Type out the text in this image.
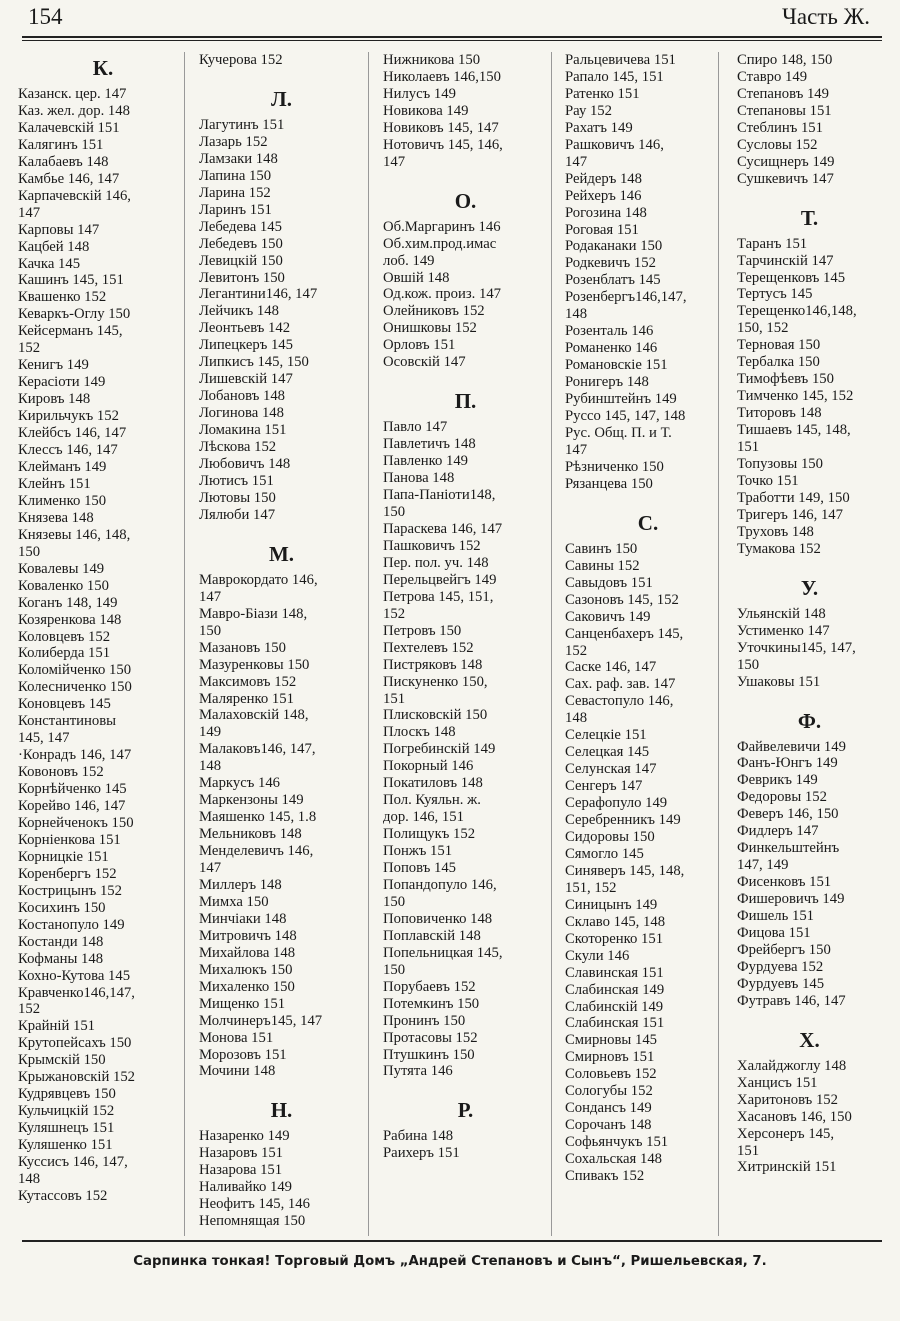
154	Часть Ж.
К.
Казанск. цер. 147
Каз. жел. дор. 148
Калачевскій 151
Калягинъ 151
Калабаевъ 148
Камбье 146, 147
Карпачевскій 146,
147
Карповы 147
Кацбей 148
Качка 145
Кашинъ 145, 151
Квашенко 152
Кеваркъ-Оглу 150
Кейсерманъ 145,
152
Кенигъ 149
Керасіоти 149
Кировъ 148
Кирильчукъ 152
Клейбсъ 146, 147
Клессъ 146, 147
Клейманъ 149
Клейнъ 151
Клименко 150
Князева 148
Князевы 146, 148,
150
Ковалевы 149
Коваленко 150
Коганъ 148, 149
Козяренкова 148
Коловцевъ 152
Колиберда 151
Коломійченко 150
Колесниченко 150
Коновцевъ 145
Константиновы
145, 147
·Конрадъ 146, 147
Ковоновъ 152
Корнѣйченко 145
Корейво 146, 147
Корнейченокъ 150
Корніенкова 151
Корницкіе 151
Коренбергъ 152
Кострицынъ 152
Косихинъ 150
Костанопуло 149
Костанди 148
Кофманы 148
Кохно-Кутова 145
Кравченко146,147,
152
Крайній 151
Крутопейсахъ 150
Крымскій 150
Крыжановскій 152
Кудрявцевъ 150
Кульчицкій 152
Куляшнецъ 151
Куляшенко 151
Куссисъ 146, 147,
148
Кутассовъ 152
Кучерова 152
Л.
Лагутинъ 151
Лазарь 152
Ламзаки 148
Лапина 150
Ларина 152
Ларинъ 151
Лебедева 145
Лебедевъ 150
Левицкій 150
Левитонъ 150
Легантини146, 147
Лейчикъ 148
Леонтьевъ 142
Липецкеръ 145
Липкисъ 145, 150
Лишевскій 147
Лобановъ 148
Логинова 148
Ломакина 151
Лѣскова 152
Любовичъ 148
Лютисъ 151
Лютовы 150
Лялюби 147
М.
Маврокордато 146,
147
Мавро-Біази 148,
150
Мазановъ 150
Мазуренковы 150
Максимовъ 152
Маляренко 151
Малаховскій 148,
149
Малаковъ146, 147,
148
Маркусъ 146
Маркензоны 149
Маяшенко 145, 1.8
Мельниковъ 148
Менделевичъ 146,
147
Миллеръ 148
Мимха 150
Минчіаки 148
Митровичъ 148
Михайлова 148
Михалюкъ 150
Михаленко 150
Мищенко 151
Молчинеръ145, 147
Монова 151
Морозовъ 151
Мочини 148
Н.
Назаренко 149
Назаровъ 151
Назарова 151
Наливайко 149
Неофитъ 145, 146
Непомнящая 150
Нижникова 150
Николаевъ 146,150
Нилусъ 149
Новикова 149
Новиковъ 145, 147
Нотовичъ 145, 146,
147
О.
Об.Маргаринъ 146
Об.хим.прод.имас
лоб. 149
Овшій 148
Од.кож. произ. 147
Олейниковъ 152
Онишковы 152
Орловъ 151
Осовскій 147
П.
Павло 147
Павлетичъ 148
Павленко 149
Панова 148
Папа-Паніоти148,
150
Параскева 146, 147
Пашковичъ 152
Пер. пол. уч. 148
Перельцвейгъ 149
Петрова 145, 151,
152
Петровъ 150
Пехтелевъ 152
Пистряковъ 148
Пискуненко 150,
151
Плисковскій 150
Плоскъ 148
Погребинскій 149
Покорный 146
Покатиловъ 148
Пол. Куяльн. ж.
дор. 146, 151
Полищукъ 152
Понжъ 151
Поповъ 145
Попандопуло 146,
150
Поповиченко 148
Поплавскій 148
Попельницкая 145,
150
Порубаевъ 152
Потемкинъ 150
Пронинъ 150
Протасовы 152
Птушкинъ 150
Путята 146
Р.
Рабина 148
Раихеръ 151
Ральцевичева 151
Рапало 145, 151
Ратенко 151
Рау 152
Рахатъ 149
Рашковичъ 146,
147
Рейдеръ 148
Рейхеръ 146
Рогозина 148
Роговая 151
Родаканаки 150
Родкевичъ 152
Розенблатъ 145
Розенбергъ146,147,
148
Розенталь 146
Романенко 146
Романовскіе 151
Ронигеръ 148
Рубинштейнъ 149
Руссо 145, 147, 148
Рус. Общ. П. и Т.
147
Рѣзниченко 150
Рязанцева 150
С.
Савинъ 150
Савины 152
Савыдовъ 151
Сазоновъ 145, 152
Саковичъ 149
Санценбахеръ 145,
152
Саске 146, 147
Сах. раф. зав. 147
Севастопуло 146,
148
Селецкіе 151
Селецкая 145
Селунская 147
Сенгеръ 147
Серафопуло 149
Серебренникъ 149
Сидоровы 150
Сямогло 145
Синяверъ 145, 148,
151, 152
Синицынъ 149
Склаво 145, 148
Скоторенко 151
Скули 146
Славинская 151
Слабинская 149
Слабинскій 149
Слабинская 151
Смирновы 145
Смирновъ 151
Соловьевъ 152
Сологубы 152
Сондансъ 149
Сорочанъ 148
Софьянчукъ 151
Сохальская 148
Спивакъ 152
Спиро 148, 150
Ставро 149
Степановъ 149
Степановы 151
Стеблинъ 151
Сусловы 152
Сусищнеръ 149
Сушкевичъ 147
Т.
Таранъ 151
Тарчинскій 147
Терещенковъ 145
Тертусъ 145
Терещенко146,148,
150, 152
Терновая 150
Тербалка 150
Тимофѣевъ 150
Тимченко 145, 152
Титоровъ 148
Тишаевъ 145, 148,
151
Топузовы 150
Точко 151
Тработти 149, 150
Тригеръ 146, 147
Труховъ 148
Тумакова 152
У.
Ульянскій 148
Устименко 147
Уточкины145, 147,
150
Ушаковы 151
Ф.
Файвелевичи 149
Фанъ-Юнгъ 149
Феврикъ 149
Федоровы 152
Феверъ 146, 150
Фидлеръ 147
Финкельштейнъ
147, 149
Фисенковъ 151
Фишеровичъ 149
Фишель 151
Фицова 151
Фрейбергъ 150
Фурдуева 152
Фурдуевъ 145
Футравъ 146, 147
Х.
Халайджоглу 148
Ханцисъ 151
Харитоновъ 152
Хасановъ 146, 150
Херсонеръ 145,
151
Хитринскій 151
Сарпинка тонкая! Торговый Домъ „Андрей Степановъ и Сынъ“, Ришельевская, 7.
